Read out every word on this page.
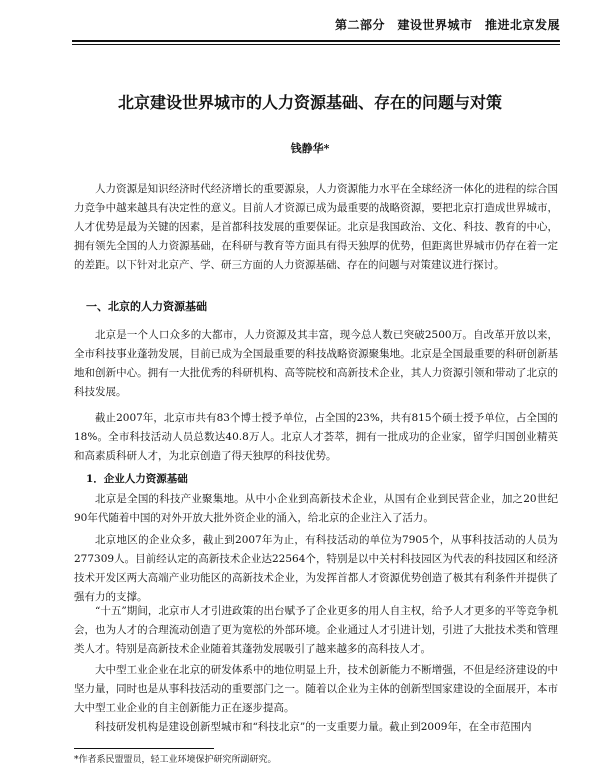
第二部分　建设世界城市　推进北京发展
北京建设世界城市的人力资源基础、存在的问题与对策
钱静华*

人力资源是知识经济时代经济增长的重要源泉，人力资源能力水平在全球经济一体化的进程的综合国力竞争中越来越具有决定性的意义。目前人才资源已成为最重要的战略资源，要把北京打造成世界城市，人才优势是最为关键的因素，是首都科技发展的重要保证。北京是我国政治、文化、科技、教育的中心，拥有领先全国的人力资源基础，在科研与教育等方面具有得天独厚的优势，但距离世界城市仍存在着一定的差距。以下针对北京产、学、研三方面的人力资源基础、存在的问题与对策建议进行探讨。

一、北京的人力资源基础

北京是一个人口众多的大都市，人力资源及其丰富，现今总人数已突破2500万。自改革开放以来，全市科技事业蓬勃发展，目前已成为全国最重要的科技战略资源聚集地。北京是全国最重要的科研创新基地和创新中心。拥有一大批优秀的科研机构、高等院校和高新技术企业，其人力资源引领和带动了北京的科技发展。

截止2007年，北京市共有83个博士授予单位，占全国的23%，共有815个硕士授予单位，占全国的18%。全市科技活动人员总数达40.8万人。北京人才荟萃，拥有一批成功的企业家，留学归国创业精英和高素质科研人才，为北京创造了得天独厚的科技优势。

1．企业人力资源基础

北京是全国的科技产业聚集地。从中小企业到高新技术企业，从国有企业到民营企业，加之20世纪90年代随着中国的对外开放大批外资企业的涌入，给北京的企业注入了活力。

北京地区的企业众多，截止到2007年为止，有科技活动的单位为7905个，从事科技活动的人员为277309人。目前经认定的高新技术企业达22564个，特别是以中关村科技园区为代表的科技园区和经济技术开发区两大高端产业功能区的高新技术企业，为发挥首都人才资源优势创造了极其有利条件并提供了强有力的支撑。

“十五”期间，北京市人才引进政策的出台赋予了企业更多的用人自主权，给予人才更多的平等竞争机会，也为人才的合理流动创造了更为宽松的外部环境。企业通过人才引进计划，引进了大批技术类和管理类人才。特别是高新技术企业随着其蓬勃发展吸引了越来越多的高科技人才。

大中型工业企业在北京的研发体系中的地位明显上升，技术创新能力不断增强，不但是经济建设的中坚力量，同时也是从事科技活动的重要部门之一。随着以企业为主体的创新型国家建设的全面展开，本市大中型工业企业的自主创新能力正在逐步提高。

科技研发机构是建设创新型城市和“科技北京”的一支重要力量。截止到2009年，在全市范围内

*作者系民盟盟员，轻工业环境保护研究所副研究。
